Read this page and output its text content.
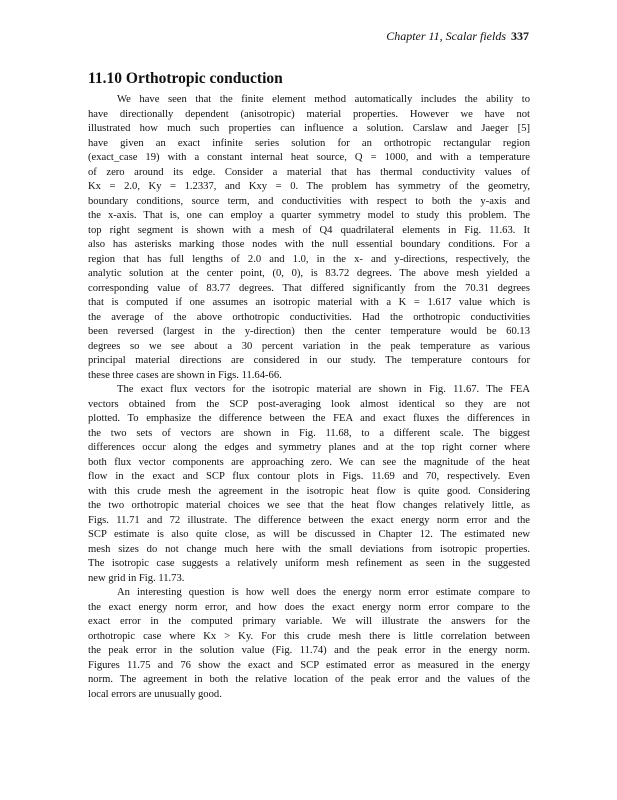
Chapter 11, Scalar fields 337
11.10 Orthotropic conduction

We have seen that the finite element method automatically includes the ability to
have directionally dependent (anisotropic) material properties. However we have not
illustrated how much such properties can influence a solution. Carslaw and Jaeger [5]
have given an exact infinite series solution for an orthotropic rectangular region
(exact_case 19) with a constant internal heat source, Q = 1000, and with a temperature
of zero around its edge. Consider a material that has thermal conductivity values of
Kx = 2.0, Ky = 1.2337, and Kxy = 0. The problem has symmetry of the geometry,
boundary conditions, source term, and conductivities with respect to both the y-axis and
the x-axis. That is, one can employ a quarter symmetry model to study this problem. The
top right segment is shown with a mesh of Q4 quadrilateral elements in Fig. 11.63. It
also has asterisks marking those nodes with the null essential boundary conditions. For a
region that has full lengths of 2.0 and 1.0, in the x- and y-directions, respectively, the
analytic solution at the center point, (0, 0), is 83.72 degrees. The above mesh yielded a
corresponding value of 83.77 degrees. That differed significantly from the 70.31 degrees
that is computed if one assumes an isotropic material with a K = 1.617 value which is
the average of the above orthotropic conductivities. Had the orthotropic conductivities
been reversed (largest in the y-direction) then the center temperature would be 60.13
degrees so we see about a 30 percent variation in the peak temperature as various
principal material directions are considered in our study. The temperature contours for
these three cases are shown in Figs. 11.64-66.

The exact flux vectors for the isotropic material are shown in Fig. 11.67. The FEA
vectors obtained from the SCP post-averaging look almost identical so they are not
plotted. To emphasize the difference between the FEA and exact fluxes the differences in
the two sets of vectors are shown in Fig. 11.68, to a different scale. The biggest
differences occur along the edges and symmetry planes and at the top right corner where
both flux vector components are approaching zero. We can see the magnitude of the heat
flow in the exact and SCP flux contour plots in Figs. 11.69 and 70, respectively. Even
with this crude mesh the agreement in the isotropic heat flow is quite good. Considering
the two orthotropic material choices we see that the heat flow changes relatively little, as
Figs. 11.71 and 72 illustrate. The difference between the exact energy norm error and the
SCP estimate is also quite close, as will be discussed in Chapter 12. The estimated new
mesh sizes do not change much here with the small deviations from isotropic properties.
The isotropic case suggests a relatively uniform mesh refinement as seen in the suggested
new grid in Fig. 11.73.

An interesting question is how well does the energy norm error estimate compare to
the exact energy norm error, and how does the exact energy norm error compare to the
exact error in the computed primary variable. We will illustrate the answers for the
orthotropic case where Kx > Ky. For this crude mesh there is little correlation between
the peak error in the solution value (Fig. 11.74) and the peak error in the energy norm.
Figures 11.75 and 76 show the exact and SCP estimated error as measured in the energy
norm. The agreement in both the relative location of the peak error and the values of the
local errors are unusually good.
